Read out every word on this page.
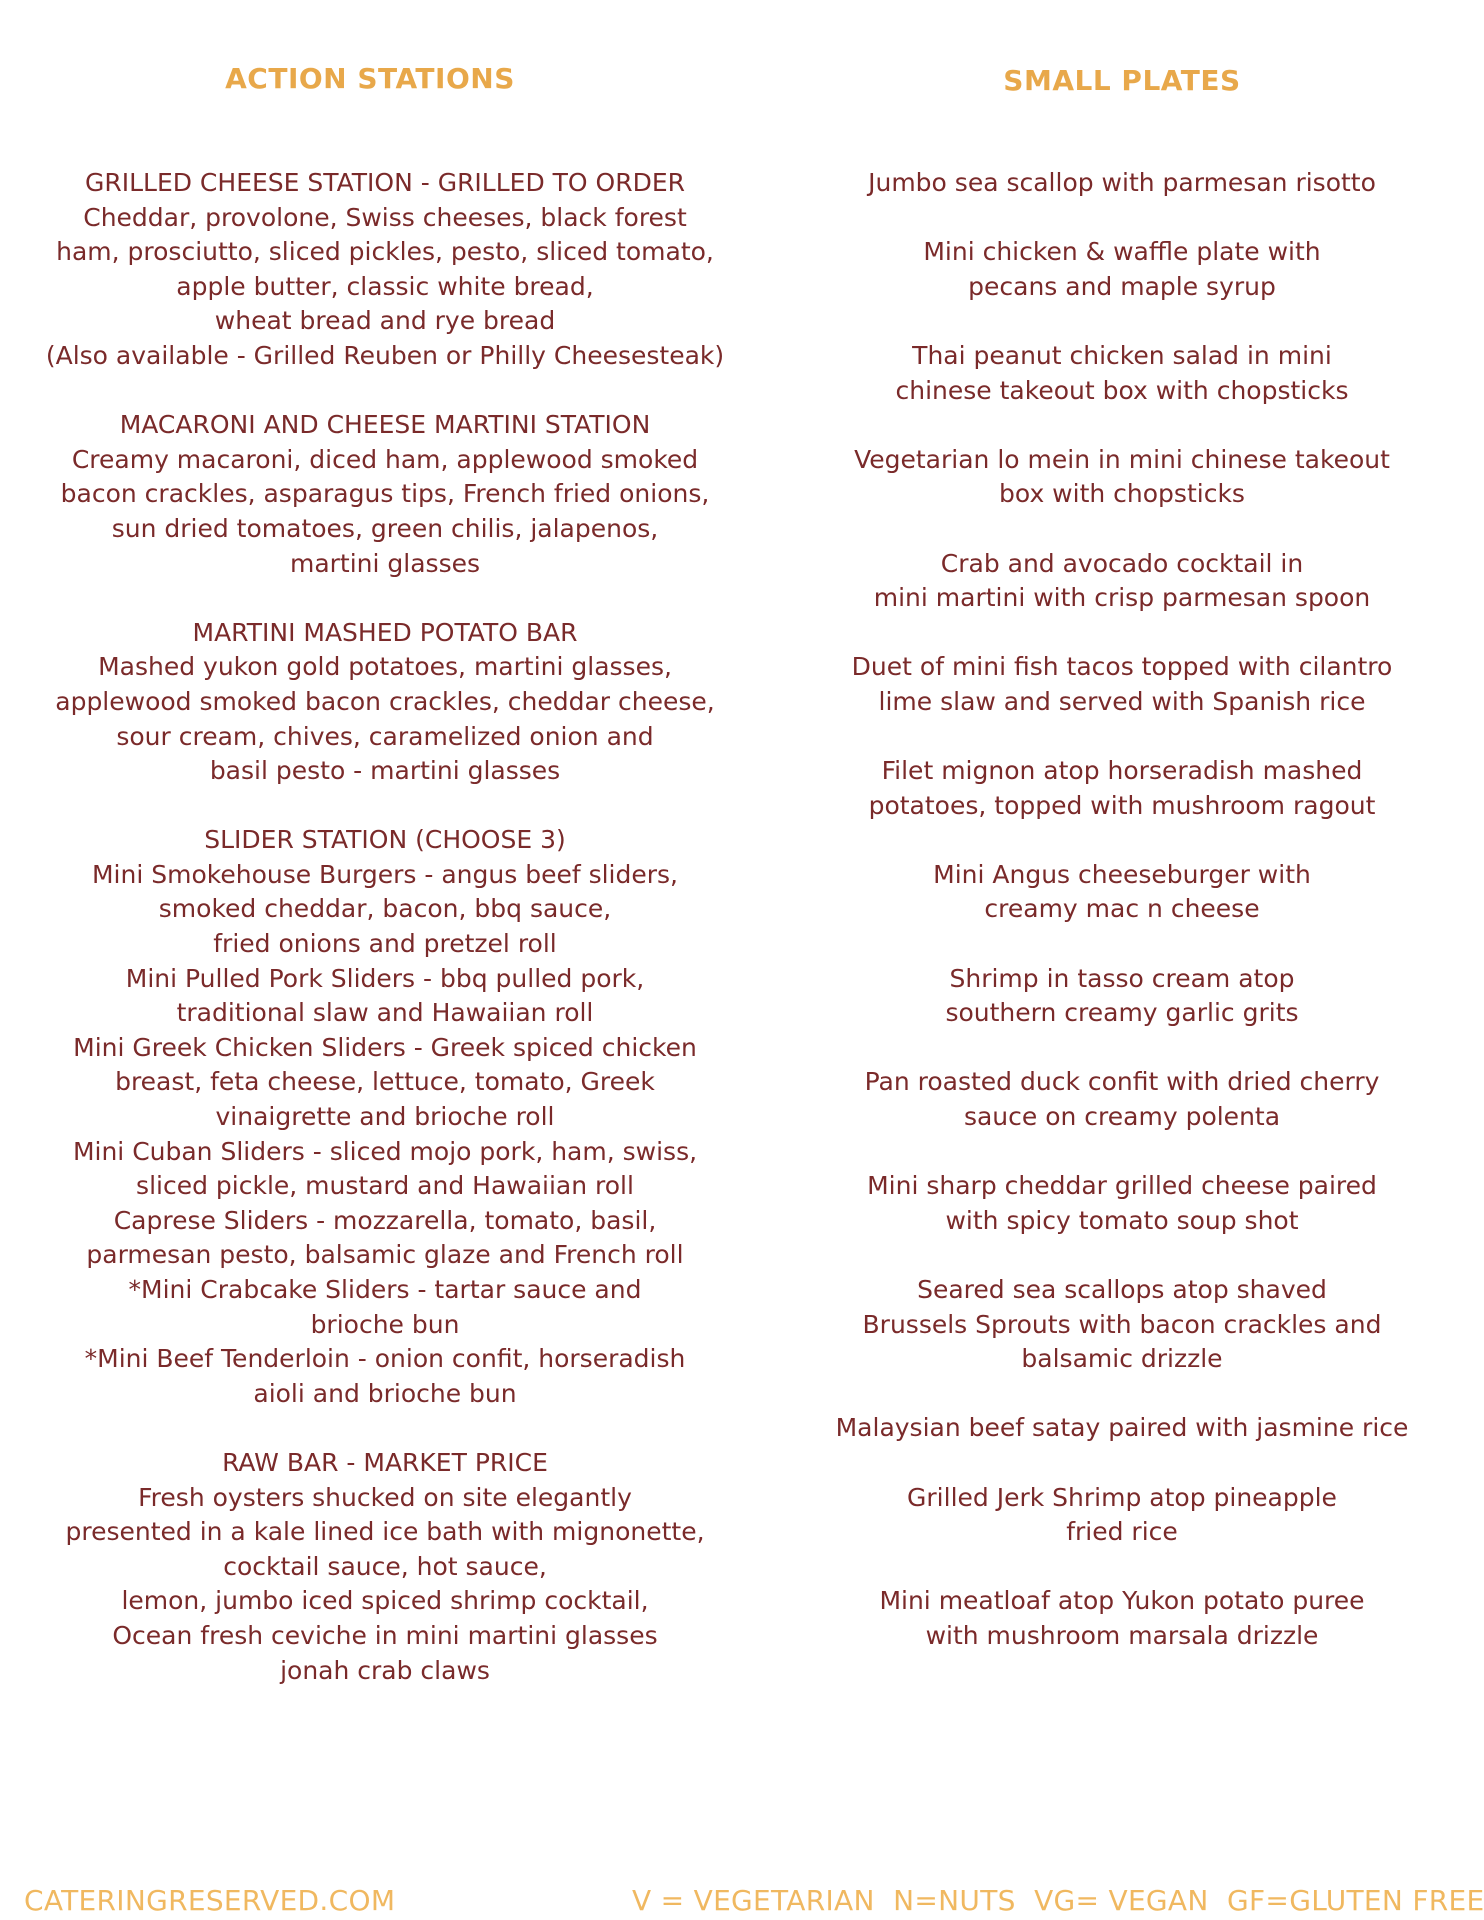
ACTION STATIONS
GRILLED CHEESE STATION - GRILLED TO ORDER
Cheddar, provolone, Swiss cheeses, black forest
ham, prosciutto, sliced pickles, pesto, sliced tomato,
apple butter, classic white bread,
wheat bread and rye bread
(Also available - Grilled Reuben or Philly Cheesesteak)
MACARONI AND CHEESE MARTINI STATION
Creamy macaroni, diced ham, applewood smoked
bacon crackles, asparagus tips, French fried onions,
sun dried tomatoes, green chilis, jalapenos,
martini glasses
MARTINI MASHED POTATO BAR
Mashed yukon gold potatoes, martini glasses,
applewood smoked bacon crackles, cheddar cheese,
sour cream, chives, caramelized onion and
basil pesto - martini glasses
SLIDER STATION (CHOOSE 3)
Mini Smokehouse Burgers - angus beef sliders,
smoked cheddar, bacon, bbq sauce,
fried onions and pretzel roll
Mini Pulled Pork Sliders - bbq pulled pork,
traditional slaw and Hawaiian roll
Mini Greek Chicken Sliders - Greek spiced chicken
breast, feta cheese, lettuce, tomato, Greek
vinaigrette and brioche roll
Mini Cuban Sliders - sliced mojo pork, ham, swiss,
sliced pickle, mustard and Hawaiian roll
Caprese Sliders - mozzarella, tomato, basil,
parmesan pesto, balsamic glaze and French roll
*Mini Crabcake Sliders - tartar sauce and
brioche bun
*Mini Beef Tenderloin - onion confit, horseradish
aioli and brioche bun
RAW BAR - MARKET PRICE
Fresh oysters shucked on site elegantly
presented in a kale lined ice bath with mignonette,
cocktail sauce, hot sauce,
lemon, jumbo iced spiced shrimp cocktail,
Ocean fresh ceviche in mini martini glasses
jonah crab claws
SMALL PLATES
Jumbo sea scallop with parmesan risotto
Mini chicken & waffle plate with
pecans and maple syrup
Thai peanut chicken salad in mini
chinese takeout box with chopsticks
Vegetarian lo mein in mini chinese takeout
box with chopsticks
Crab and avocado cocktail in
mini martini with crisp parmesan spoon
Duet of mini fish tacos topped with cilantro
lime slaw and served with Spanish rice
Filet mignon atop horseradish mashed
potatoes, topped with mushroom ragout
Mini Angus cheeseburger with
creamy mac n cheese
Shrimp in tasso cream atop
southern creamy garlic grits
Pan roasted duck confit with dried cherry
sauce on creamy polenta
Mini sharp cheddar grilled cheese paired
with spicy tomato soup shot
Seared sea scallops atop shaved
Brussels Sprouts with bacon crackles and
balsamic drizzle
Malaysian beef satay paired with jasmine rice
Grilled Jerk Shrimp atop pineapple
fried rice
Mini meatloaf atop Yukon potato puree
with mushroom marsala drizzle
CATERINGRESERVED.COM	V = VEGETARIAN  N=NUTS  VG= VEGAN  GF=GLUTEN FREE
